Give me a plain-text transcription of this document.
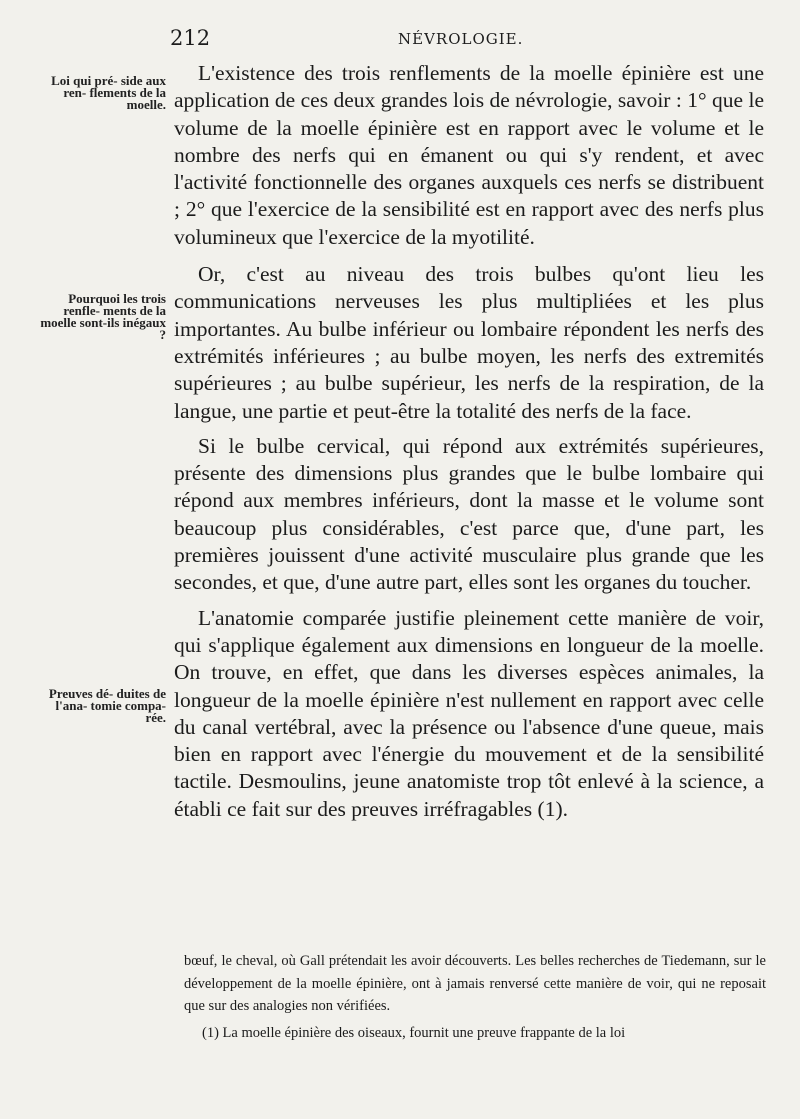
212	NÉVROLOGIE.
Loi qui pré- side aux ren- flements de la moelle.
Pourquoi les trois renfle- ments de la moelle sont-ils inégaux ?
Preuves dé- duites de l'ana- tomie compa- rée.

L'existence des trois renflements de la moelle épinière est une application de ces deux grandes lois de névrologie, savoir : 1° que le volume de la moelle épinière est en rapport avec le volume et le nombre des nerfs qui en émanent ou qui s'y rendent, et avec l'activité fonctionnelle des organes auxquels ces nerfs se distribuent ; 2° que l'exercice de la sensibilité est en rapport avec des nerfs plus volumineux que l'exercice de la myotilité.

Or, c'est au niveau des trois bulbes qu'ont lieu les communications nerveuses les plus multipliées et les plus importantes. Au bulbe inférieur ou lombaire répondent les nerfs des extrémités inférieures ; au bulbe moyen, les nerfs des extremités supérieures ; au bulbe supérieur, les nerfs de la respiration, de la langue, une partie et peut-être la totalité des nerfs de la face.

Si le bulbe cervical, qui répond aux extrémités supérieures, présente des dimensions plus grandes que le bulbe lombaire qui répond aux membres inférieurs, dont la masse et le volume sont beaucoup plus considérables, c'est parce que, d'une part, les premières jouissent d'une activité musculaire plus grande que les secondes, et que, d'une autre part, elles sont les organes du toucher.

L'anatomie comparée justifie pleinement cette manière de voir, qui s'applique également aux dimensions en longueur de la moelle. On trouve, en effet, que dans les diverses espèces animales, la longueur de la moelle épinière n'est nullement en rapport avec celle du canal vertébral, avec la présence ou l'absence d'une queue, mais bien en rapport avec l'énergie du mouvement et de la sensibilité tactile. Desmoulins, jeune anatomiste trop tôt enlevé à la science, a établi ce fait sur des preuves irréfragables (1).

bœuf, le cheval, où Gall prétendait les avoir découverts. Les belles recherches de Tiedemann, sur le développement de la moelle épinière, ont à jamais renversé cette manière de voir, qui ne reposait que sur des analogies non vérifiées.

(1) La moelle épinière des oiseaux, fournit une preuve frappante de la loi
